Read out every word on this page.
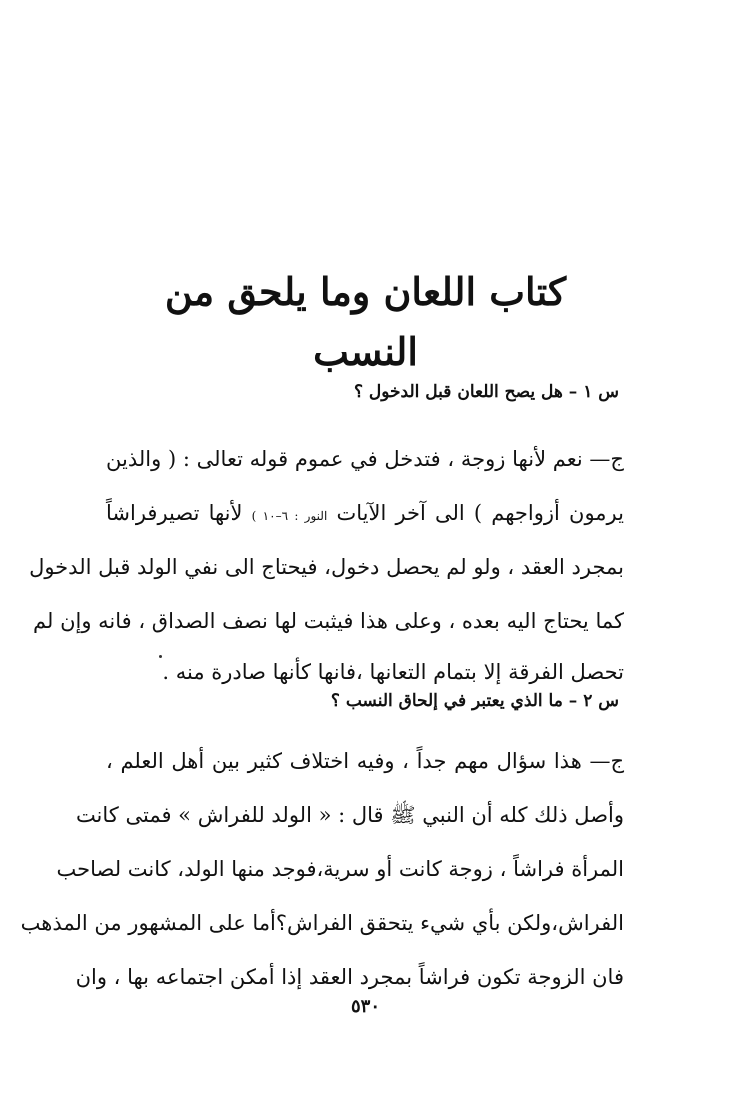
كتاب اللعان وما يلحق من النسب
س ١ – هل يصح اللعان قبل الدخول ؟
ج— نعم لأنها زوجة ، فتدخل في عموم قوله تعالى : ( والذين
يرمون أزواجهم ) الى آخر الآيات النور : ٦–١٠ ) لأنها تصيرفراشاً
بمجرد العقد ، ولو لم يحصل دخول، فيحتاج الى نفي الولد قبل الدخول
كما يحتاج اليه بعده ، وعلى هذا فيثبت لها نصف الصداق ، فانه وإن لم
تحصل الفرقة إلا بتمام التعانها ،فانها كأنها صادرة منه .
س ٢ – ما الذي يعتبر في إلحاق النسب ؟
ج— هذا سؤال مهم جداً ، وفيه اختلاف كثير بين أهل العلم ،
وأصل ذلك كله أن النبي ﷺ قال : « الولد للفراش » فمتى كانت
المرأة فراشاً ، زوجة كانت أو سرية،فوجد منها الولد، كانت لصاحب
الفراش،ولكن بأي شيء يتحقق الفراش؟أما على المشهور من المذهب
فان الزوجة تكون فراشاً بمجرد العقد إذا أمكن اجتماعه بها ، وان
٥٣٠
